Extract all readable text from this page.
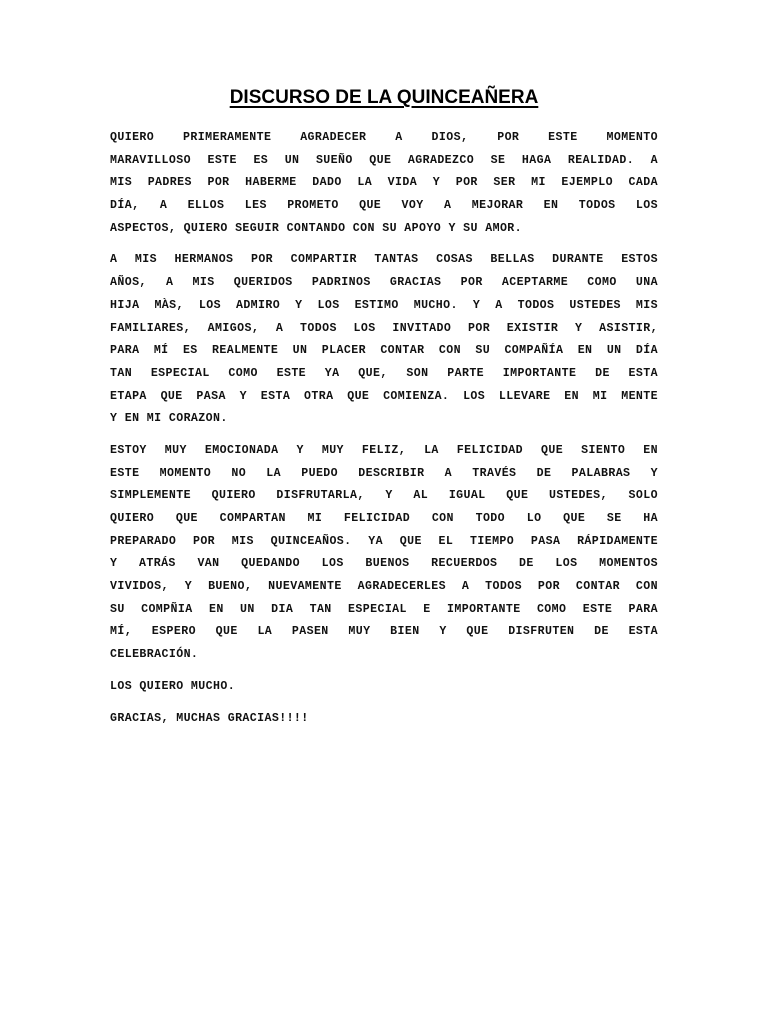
DISCURSO DE LA QUINCEAÑERA

QUIERO PRIMERAMENTE AGRADECER A DIOS, POR ESTE MOMENTO
MARAVILLOSO ESTE ES UN SUEÑO QUE AGRADEZCO SE HAGA REALIDAD. A
MIS PADRES POR HABERME DADO LA VIDA Y POR SER MI EJEMPLO CADA
DÍA, A ELLOS LES PROMETO QUE VOY A MEJORAR EN TODOS LOS
ASPECTOS, QUIERO SEGUIR CONTANDO CON SU APOYO Y SU AMOR.

A MIS HERMANOS POR COMPARTIR TANTAS COSAS BELLAS DURANTE ESTOS
AÑOS, A MIS QUERIDOS PADRINOS GRACIAS POR ACEPTARME COMO UNA
HIJA MÀS, LOS ADMIRO Y LOS ESTIMO MUCHO. Y A TODOS USTEDES MIS
FAMILIARES, AMIGOS, A TODOS LOS INVITADO POR EXISTIR Y ASISTIR,
PARA MÍ ES REALMENTE UN PLACER CONTAR CON SU COMPAÑÍA EN UN DÍA
TAN ESPECIAL COMO ESTE YA QUE, SON PARTE IMPORTANTE DE ESTA
ETAPA QUE PASA Y ESTA OTRA QUE COMIENZA. LOS LLEVARE EN MI MENTE
Y EN MI CORAZON.

ESTOY MUY EMOCIONADA Y MUY FELIZ, LA FELICIDAD QUE SIENTO EN
ESTE MOMENTO NO LA PUEDO DESCRIBIR A TRAVÉS DE PALABRAS Y
SIMPLEMENTE QUIERO DISFRUTARLA, Y AL IGUAL QUE USTEDES, SOLO
QUIERO QUE COMPARTAN MI FELICIDAD CON TODO LO QUE SE HA
PREPARADO POR MIS QUINCEAÑOS. YA QUE EL TIEMPO PASA RÁPIDAMENTE
Y ATRÁS VAN QUEDANDO LOS BUENOS RECUERDOS DE LOS MOMENTOS
VIVIDOS, Y BUENO, NUEVAMENTE AGRADECERLES A TODOS POR CONTAR CON
SU COMPÑIA EN UN DIA TAN ESPECIAL E IMPORTANTE COMO ESTE PARA
MÍ, ESPERO QUE LA PASEN MUY BIEN Y QUE DISFRUTEN DE ESTA
CELEBRACIÓN.

LOS QUIERO MUCHO.

GRACIAS, MUCHAS GRACIAS!!!!
